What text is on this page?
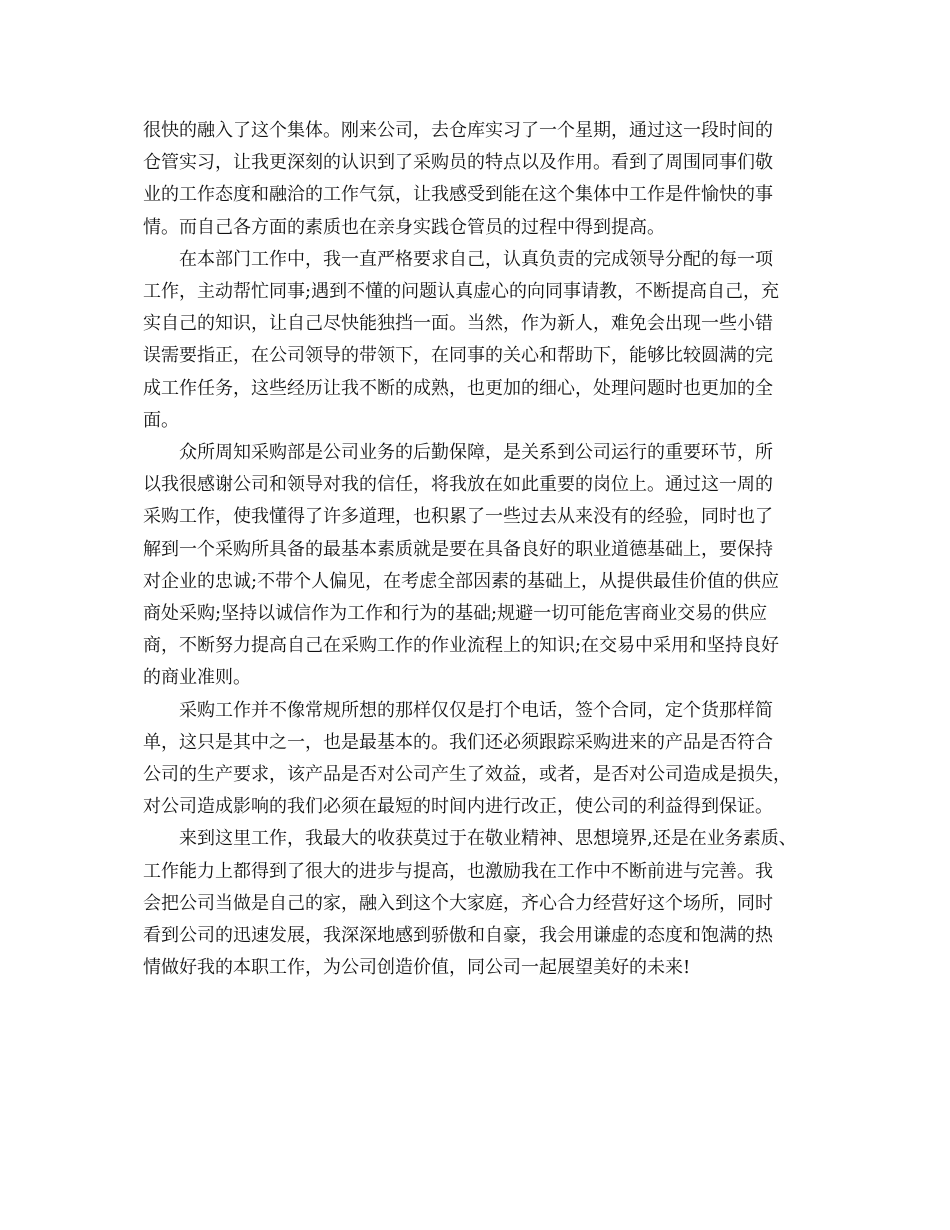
很快的融入了这个集体。刚来公司，去仓库实习了一个星期，通过这一段时间的
仓管实习，让我更深刻的认识到了采购员的特点以及作用。看到了周围同事们敬
业的工作态度和融洽的工作气氛，让我感受到能在这个集体中工作是件愉快的事
情。而自己各方面的素质也在亲身实践仓管员的过程中得到提高。
在本部门工作中，我一直严格要求自己，认真负责的完成领导分配的每一项
工作，主动帮忙同事;遇到不懂的问题认真虚心的向同事请教，不断提高自己，充
实自己的知识，让自己尽快能独挡一面。当然，作为新人，难免会出现一些小错
误需要指正，在公司领导的带领下，在同事的关心和帮助下，能够比较圆满的完
成工作任务，这些经历让我不断的成熟，也更加的细心，处理问题时也更加的全
面。
众所周知采购部是公司业务的后勤保障，是关系到公司运行的重要环节，所
以我很感谢公司和领导对我的信任，将我放在如此重要的岗位上。通过这一周的
采购工作，使我懂得了许多道理，也积累了一些过去从来没有的经验，同时也了
解到一个采购所具备的最基本素质就是要在具备良好的职业道德基础上，要保持
对企业的忠诚;不带个人偏见，在考虑全部因素的基础上，从提供最佳价值的供应
商处采购;坚持以诚信作为工作和行为的基础;规避一切可能危害商业交易的供应
商，不断努力提高自己在采购工作的作业流程上的知识;在交易中采用和坚持良好
的商业准则。
采购工作并不像常规所想的那样仅仅是打个电话，签个合同，定个货那样简
单，这只是其中之一，也是最基本的。我们还必须跟踪采购进来的产品是否符合
公司的生产要求，该产品是否对公司产生了效益，或者，是否对公司造成是损失，
对公司造成影响的我们必须在最短的时间内进行改正，使公司的利益得到保证。
来到这里工作，我最大的收获莫过于在敬业精神、思想境界,还是在业务素质、
工作能力上都得到了很大的进步与提高，也激励我在工作中不断前进与完善。我
会把公司当做是自己的家，融入到这个大家庭，齐心合力经营好这个场所，同时
看到公司的迅速发展，我深深地感到骄傲和自豪，我会用谦虚的态度和饱满的热
情做好我的本职工作，为公司创造价值，同公司一起展望美好的未来!
